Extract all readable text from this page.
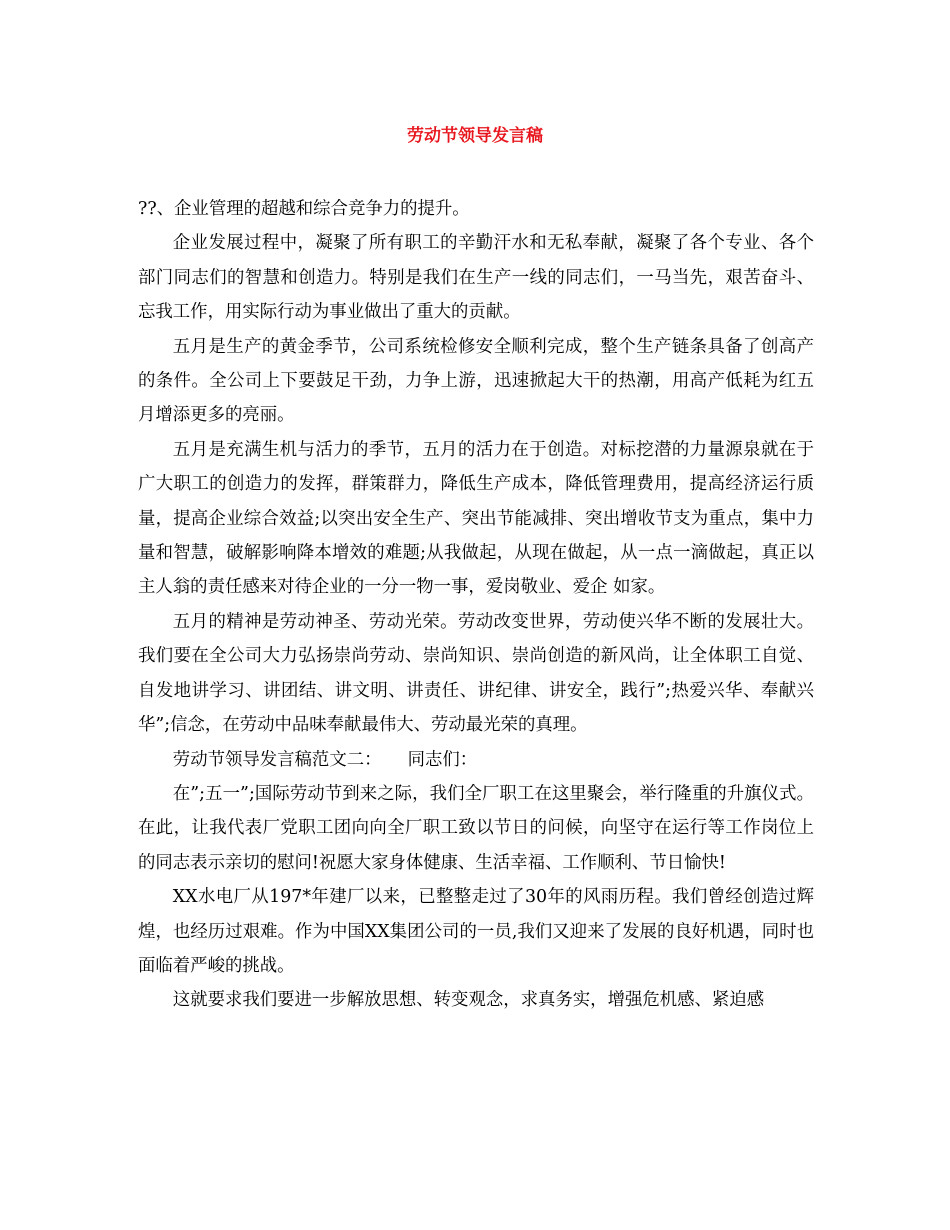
劳动节领导发言稿

??、企业管理的超越和综合竞争力的提升。

企业发展过程中，凝聚了所有职工的辛勤汗水和无私奉献，凝聚了各个专业、各个部门同志们的智慧和创造力。特别是我们在生产一线的同志们，一马当先，艰苦奋斗、忘我工作，用实际行动为事业做出了重大的贡献。

五月是生产的黄金季节，公司系统检修安全顺利完成，整个生产链条具备了创高产的条件。全公司上下要鼓足干劲，力争上游，迅速掀起大干的热潮，用高产低耗为红五月增添更多的亮丽。

五月是充满生机与活力的季节，五月的活力在于创造。对标挖潜的力量源泉就在于广大职工的创造力的发挥，群策群力，降低生产成本，降低管理费用，提高经济运行质量，提高企业综合效益;以突出安全生产、突出节能减排、突出增收节支为重点，集中力量和智慧，破解影响降本增效的难题;从我做起，从现在做起，从一点一滴做起，真正以主人翁的责任感来对待企业的一分一物一事，爱岗敬业、爱企 如家。

五月的精神是劳动神圣、劳动光荣。劳动改变世界，劳动使兴华不断的发展壮大。我们要在全公司大力弘扬崇尚劳动、崇尚知识、崇尚创造的新风尚，让全体职工自觉、自发地讲学习、讲团结、讲文明、讲责任、讲纪律、讲安全，践行”;热爱兴华、奉献兴华”;信念，在劳动中品味奉献最伟大、劳动最光荣的真理。

劳动节领导发言稿范文二：　　同志们：

在”;五一”;国际劳动节到来之际，我们全厂职工在这里聚会，举行隆重的升旗仪式。在此，让我代表厂党职工团向向全厂职工致以节日的问候，向坚守在运行等工作岗位上的同志表示亲切的慰问!祝愿大家身体健康、生活幸福、工作顺利、节日愉快!

XX水电厂从197*年建厂以来，已整整走过了30年的风雨历程。我们曾经创造过辉煌，也经历过艰难。作为中国XX集团公司的一员,我们又迎来了发展的良好机遇，同时也面临着严峻的挑战。

这就要求我们要进一步解放思想、转变观念，求真务实，增强危机感、紧迫感
